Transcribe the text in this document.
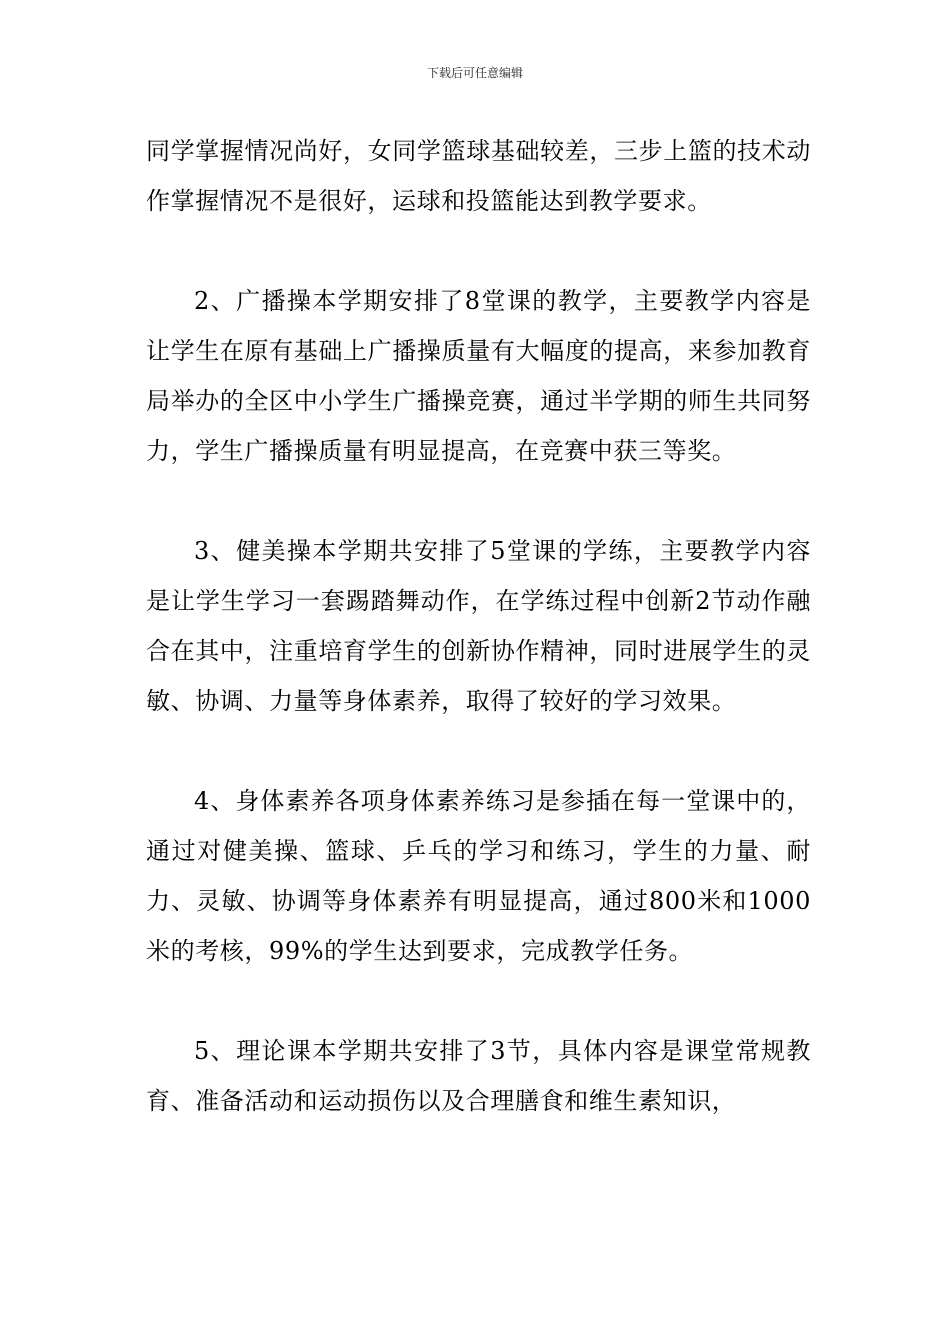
下载后可任意编辑

同学掌握情况尚好，女同学篮球基础较差，三步上篮的技术动作掌握情况不是很好，运球和投篮能达到教学要求。

2、广播操本学期安排了8堂课的教学，主要教学内容是让学生在原有基础上广播操质量有大幅度的提高，来参加教育局举办的全区中小学生广播操竞赛，通过半学期的师生共同努力，学生广播操质量有明显提高，在竞赛中获三等奖。

3、健美操本学期共安排了5堂课的学练，主要教学内容是让学生学习一套踢踏舞动作，在学练过程中创新2节动作融合在其中，注重培育学生的创新协作精神，同时进展学生的灵敏、协调、力量等身体素养，取得了较好的学习效果。

4、身体素养各项身体素养练习是参插在每一堂课中的，通过对健美操、篮球、乒乓的学习和练习，学生的力量、耐力、灵敏、协调等身体素养有明显提高，通过800米和1000米的考核，99%的学生达到要求，完成教学任务。

5、理论课本学期共安排了3节，具体内容是课堂常规教育、准备活动和运动损伤以及合理膳食和维生素知识，
